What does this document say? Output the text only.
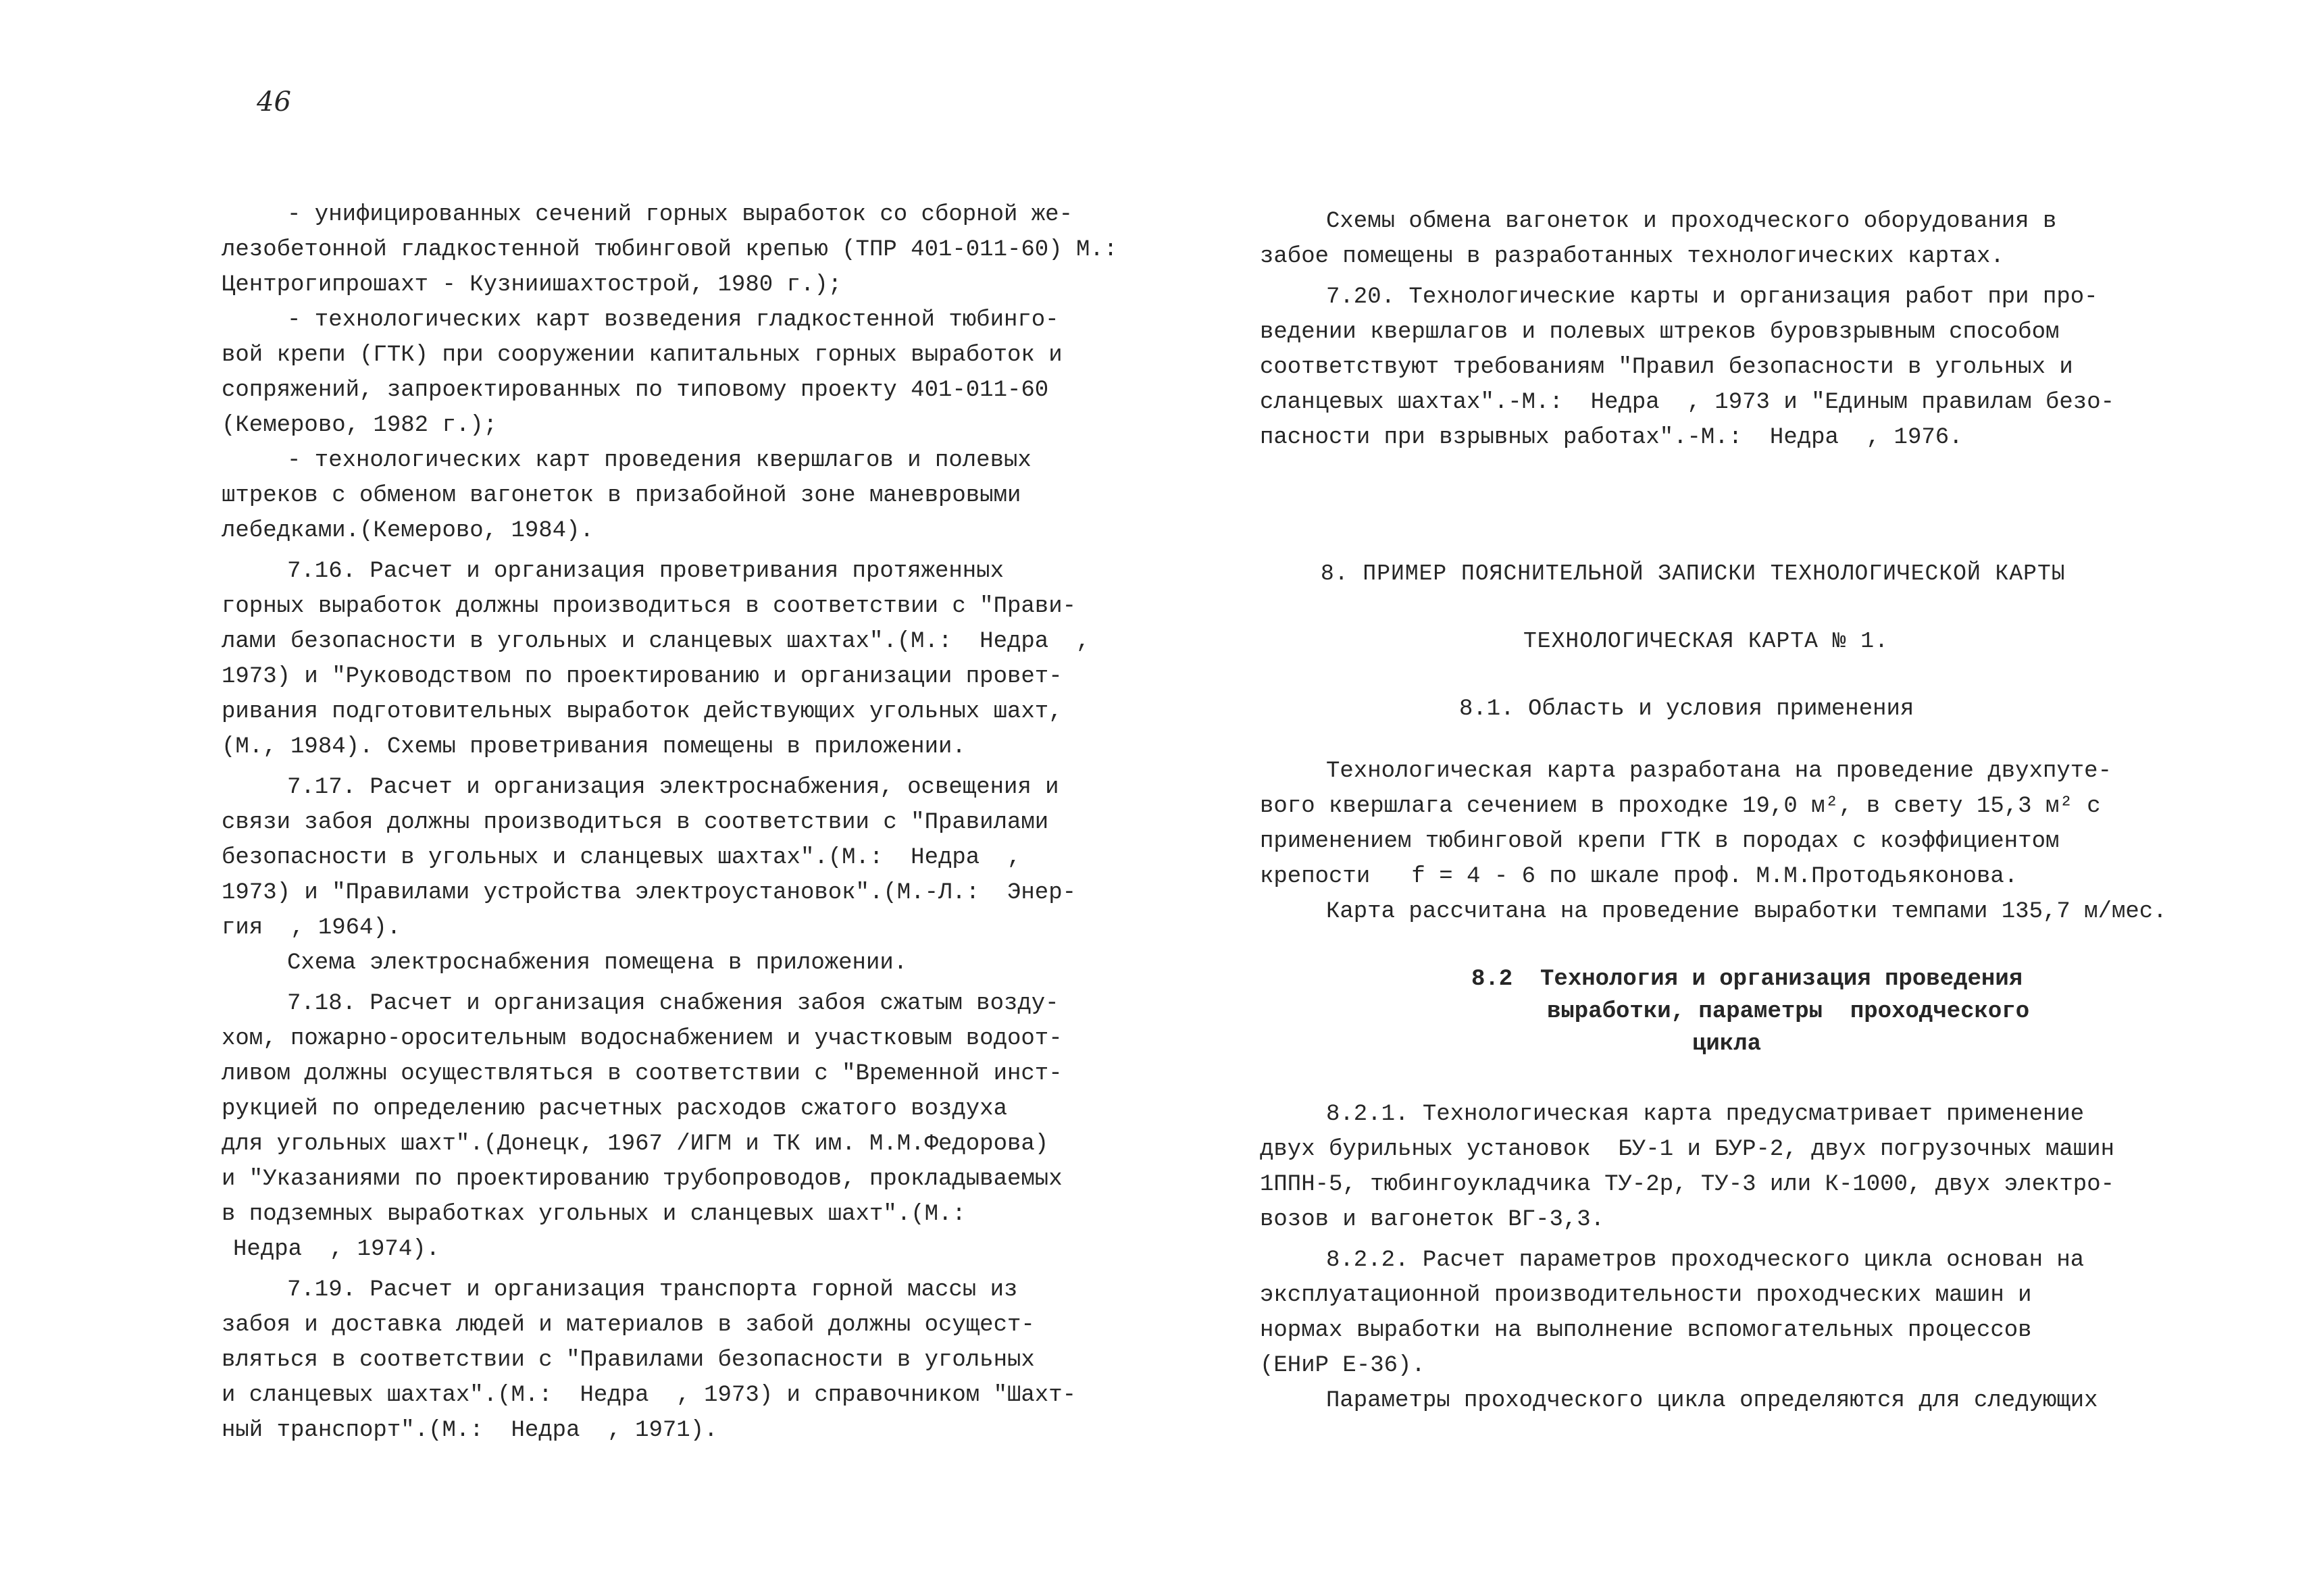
46
- унифицированных сечений горных выработок со сборной же-
лезобетонной гладкостенной тюбинговой крепью (ТПР 401-011-60) М.:
Центрогипрошахт - Кузниишахтострой, 1980 г.);
- технологических карт возведения гладкостенной тюбинго-
вой крепи (ГТК) при сооружении капитальных горных выработок и
сопряжений, запроектированных по типовому проекту 401-011-60
(Кемерово, 1982 г.);
- технологических карт проведения квершлагов и полевых
штреков с обменом вагонеток в призабойной зоне маневровыми
лебедками.(Кемерово, 1984).
7.16. Расчет и организация проветривания протяженных
горных выработок должны производиться в соответствии с "Прави-
лами безопасности в угольных и сланцевых шахтах".(М.:  Недра  ,
1973) и "Руководством по проектированию и организации провет-
ривания подготовительных выработок действующих угольных шахт,
(М., 1984). Схемы проветривания помещены в приложении.
7.17. Расчет и организация электроснабжения, освещения и
связи забоя должны производиться в соответствии с "Правилами
безопасности в угольных и сланцевых шахтах".(М.:  Недра  ,
1973) и "Правилами устройства электроустановок".(М.-Л.:  Энер-
гия  , 1964).
Схема электроснабжения помещена в приложении.
7.18. Расчет и организация снабжения забоя сжатым возду-
хом, пожарно-оросительным водоснабжением и участковым водоот-
ливом должны осуществляться в соответствии с "Временной инст-
рукцией по определению расчетных расходов сжатого воздуха
для угольных шахт".(Донецк, 1967 /ИГМ и ТК им. М.М.Федорова)
и "Указаниями по проектированию трубопроводов, прокладываемых
в подземных выработках угольных и сланцевых шахт".(М.:
Недра  , 1974).
7.19. Расчет и организация транспорта горной массы из
забоя и доставка людей и материалов в забой должны осущест-
вляться в соответствии с "Правилами безопасности в угольных
и сланцевых шахтах".(М.:  Недра  , 1973) и справочником "Шахт-
ный транспорт".(М.:  Недра  , 1971).
Схемы обмена вагонеток и проходческого оборудования в
забое помещены в разработанных технологических картах.
7.20. Технологические карты и организация работ при про-
ведении квершлагов и полевых штреков буровзрывным способом
соответствуют требованиям "Правил безопасности в угольных и
сланцевых шахтах".-М.:  Недра  , 1973 и "Единым правилам безо-
пасности при взрывных работах".-М.:  Недра  , 1976.
8. ПРИМЕР ПОЯСНИТЕЛЬНОЙ ЗАПИСКИ ТЕХНОЛОГИЧЕСКОЙ КАРТЫ
ТЕХНОЛОГИЧЕСКАЯ КАРТА № 1.
8.1. Область и условия применения
Технологическая карта разработана на проведение двухпуте-
вого квершлага сечением в проходке 19,0 м², в свету 15,3 м² с
применением тюбинговой крепи ГТК в породах с коэффициентом
крепости   f = 4 - 6 по шкале проф. М.М.Протодьяконова.
Карта рассчитана на проведение выработки темпами 135,7 м/мес.
8.2  Технология и организация проведения
выработки, параметры  проходческого
цикла
8.2.1. Технологическая карта предусматривает применение
двух бурильных установок  БУ-1 и БУР-2, двух погрузочных машин
1ППН-5, тюбингоукладчика ТУ-2р, ТУ-3 или К-1000, двух электро-
возов и вагонеток ВГ-3,3.
8.2.2. Расчет параметров проходческого цикла основан на
эксплуатационной производительности проходческих машин и
нормах выработки на выполнение вспомогательных процессов
(ЕНиР Е-36).
Параметры проходческого цикла определяются для следующих
